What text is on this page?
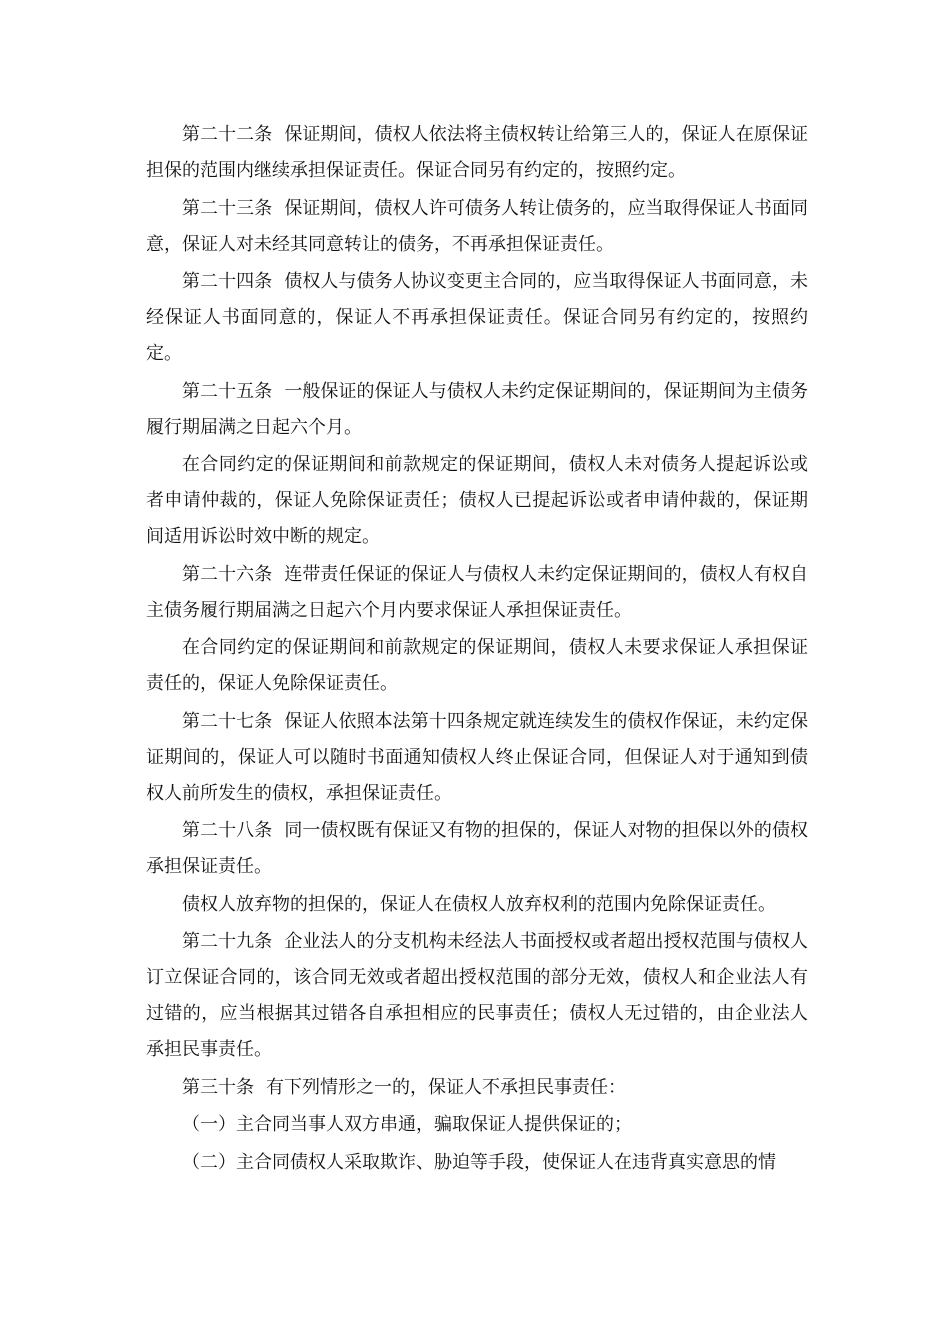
第二十二条 保证期间，债权人依法将主债权转让给第三人的，保证人在原保证担保的范围内继续承担保证责任。保证合同另有约定的，按照约定。

第二十三条 保证期间，债权人许可债务人转让债务的，应当取得保证人书面同意，保证人对未经其同意转让的债务，不再承担保证责任。

第二十四条 债权人与债务人协议变更主合同的，应当取得保证人书面同意，未经保证人书面同意的，保证人不再承担保证责任。保证合同另有约定的，按照约定。

第二十五条 一般保证的保证人与债权人未约定保证期间的，保证期间为主债务履行期届满之日起六个月。

在合同约定的保证期间和前款规定的保证期间，债权人未对债务人提起诉讼或者申请仲裁的，保证人免除保证责任；债权人已提起诉讼或者申请仲裁的，保证期间适用诉讼时效中断的规定。

第二十六条 连带责任保证的保证人与债权人未约定保证期间的，债权人有权自主债务履行期届满之日起六个月内要求保证人承担保证责任。

在合同约定的保证期间和前款规定的保证期间，债权人未要求保证人承担保证责任的，保证人免除保证责任。

第二十七条 保证人依照本法第十四条规定就连续发生的债权作保证，未约定保证期间的，保证人可以随时书面通知债权人终止保证合同，但保证人对于通知到债权人前所发生的债权，承担保证责任。

第二十八条 同一债权既有保证又有物的担保的，保证人对物的担保以外的债权承担保证责任。

债权人放弃物的担保的，保证人在债权人放弃权利的范围内免除保证责任。

第二十九条 企业法人的分支机构未经法人书面授权或者超出授权范围与债权人订立保证合同的，该合同无效或者超出授权范围的部分无效，债权人和企业法人有过错的，应当根据其过错各自承担相应的民事责任；债权人无过错的，由企业法人承担民事责任。

第三十条 有下列情形之一的，保证人不承担民事责任：

（一）主合同当事人双方串通，骗取保证人提供保证的；

（二）主合同债权人采取欺诈、胁迫等手段，使保证人在违背真实意思的情
